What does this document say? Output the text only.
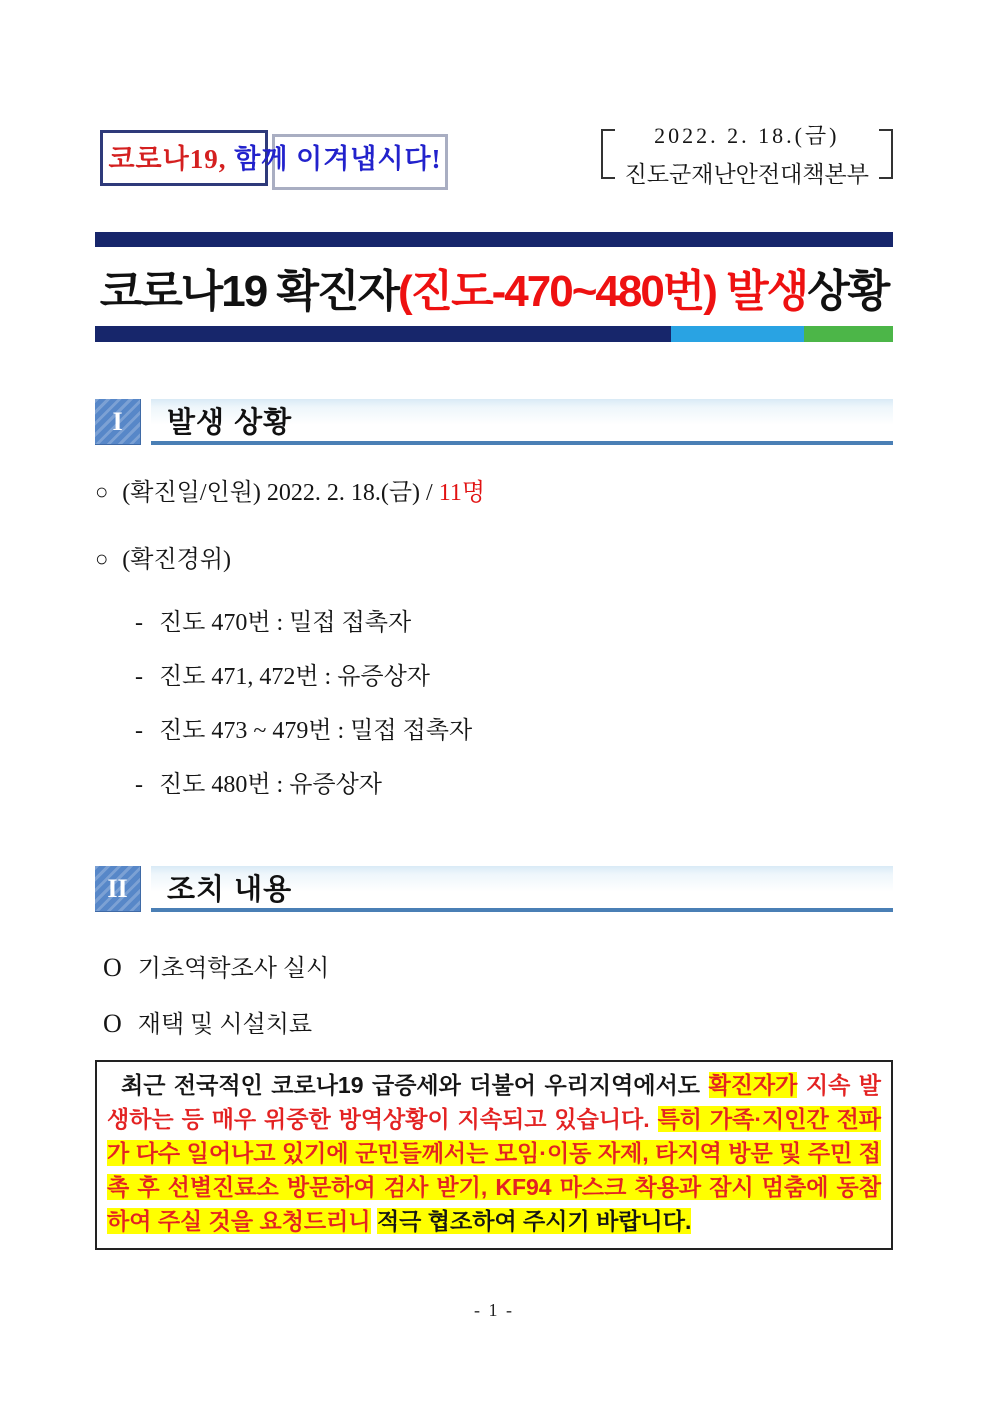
코로나19, 함께 이겨냅시다!
2022. 2. 18.(금)
진도군재난안전대책본부
코로나19 확진자 (진도-470~480번) 발생 상황
I	발생 상황
○ (확진일/인원) 2022. 2. 18.(금) / 11명
○ (확진경위)
- 진도 470번 : 밀접 접촉자
- 진도 471, 472번 : 유증상자
- 진도 473 ~ 479번 : 밀접 접촉자
- 진도 480번 : 유증상자
II	조치 내용
O 기초역학조사 실시
O 재택 및 시설치료
최근 전국적인 코로나19 급증세와 더불어 우리지역에서도 확진자가 지속 발생하는 등 매우 위중한 방역상황이 지속되고 있습니다. 특히 가족·지인간 전파가 다수 일어나고 있기에 군민들께서는 모임·이동 자제, 타지역 방문 및 주민 접촉 후 선별진료소 방문하여 검사 받기, KF94 마스크 착용과 잠시 멈춤에 동참하여 주실 것을 요청드리니 적극 협조하여 주시기 바랍니다.
- 1 -
